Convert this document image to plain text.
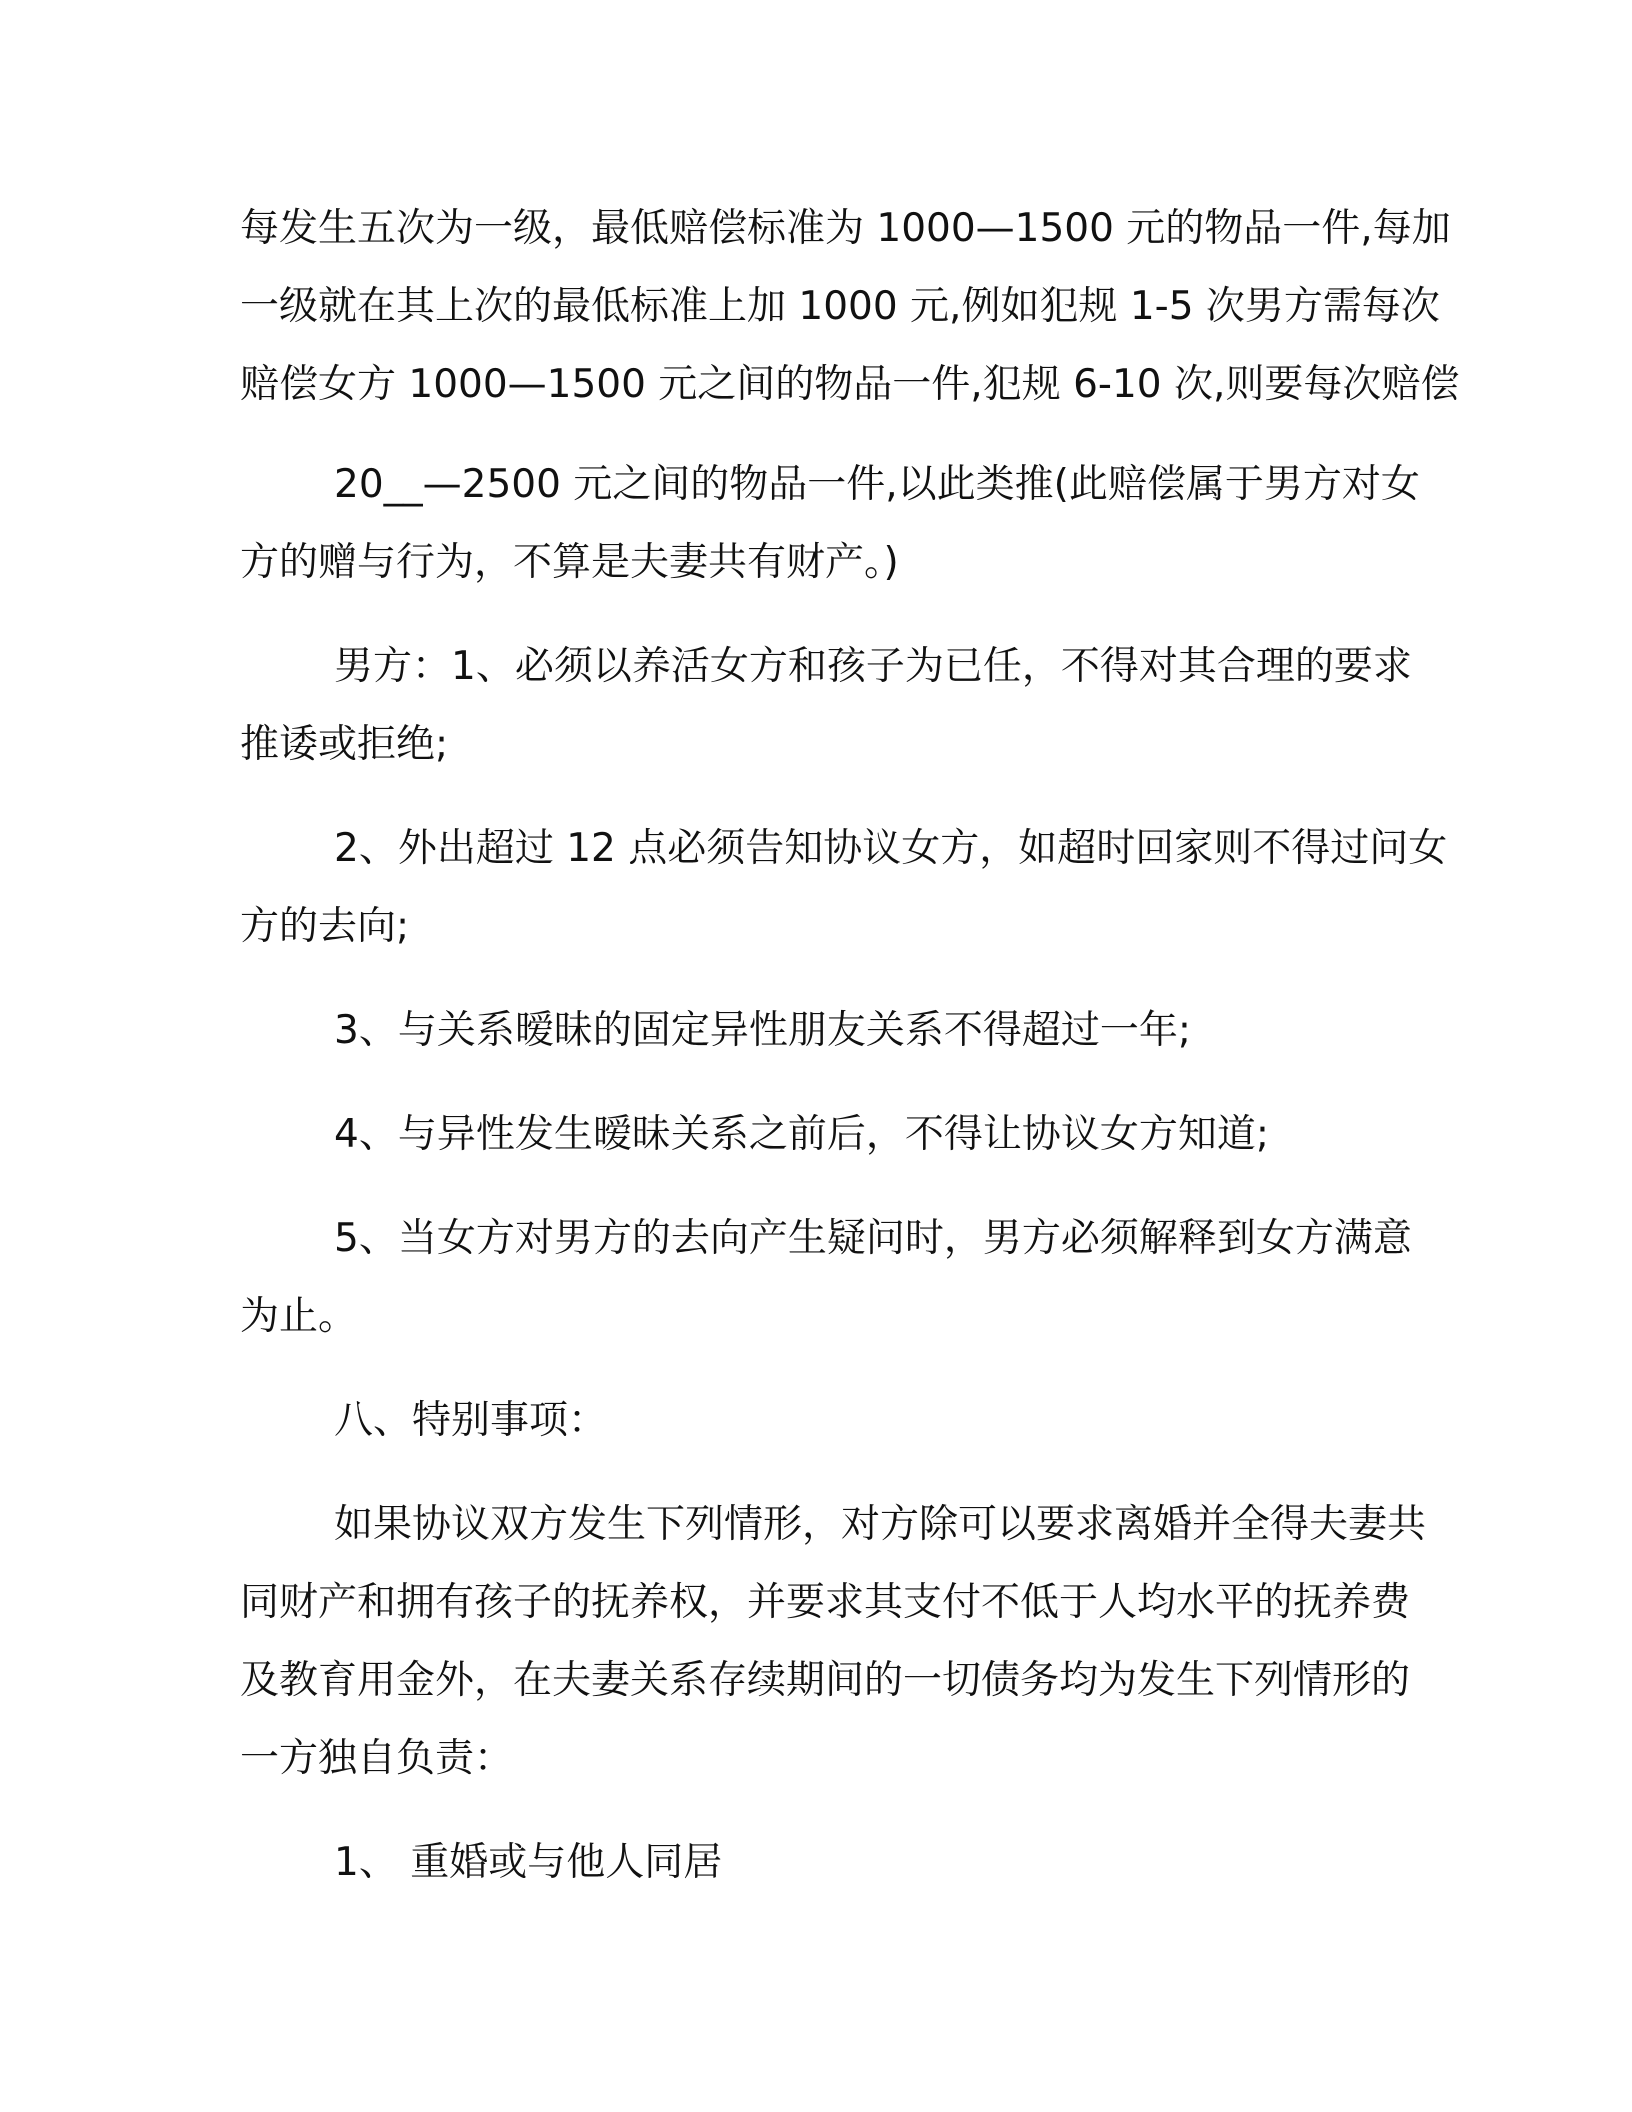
每发生五次为一级，最低赔偿标准为 1000—1500 元的物品一件,每加
一级就在其上次的最低标准上加 1000 元,例如犯规 1-5 次男方需每次
赔偿女方 1000—1500 元之间的物品一件,犯规 6-10 次,则要每次赔偿

20__—2500 元之间的物品一件,以此类推(此赔偿属于男方对女
方的赠与行为，不算是夫妻共有财产。)

男方：1、必须以养活女方和孩子为已任，不得对其合理的要求
推诿或拒绝;

2、外出超过 12 点必须告知协议女方，如超时回家则不得过问女
方的去向;

3、与关系暧昧的固定异性朋友关系不得超过一年;

4、与异性发生暧昧关系之前后，不得让协议女方知道;

5、当女方对男方的去向产生疑问时，男方必须解释到女方满意
为止。

八、特别事项：

如果协议双方发生下列情形，对方除可以要求离婚并全得夫妻共
同财产和拥有孩子的抚养权，并要求其支付不低于人均水平的抚养费
及教育用金外，在夫妻关系存续期间的一切债务均为发生下列情形的
一方独自负责：

1、 重婚或与他人同居
